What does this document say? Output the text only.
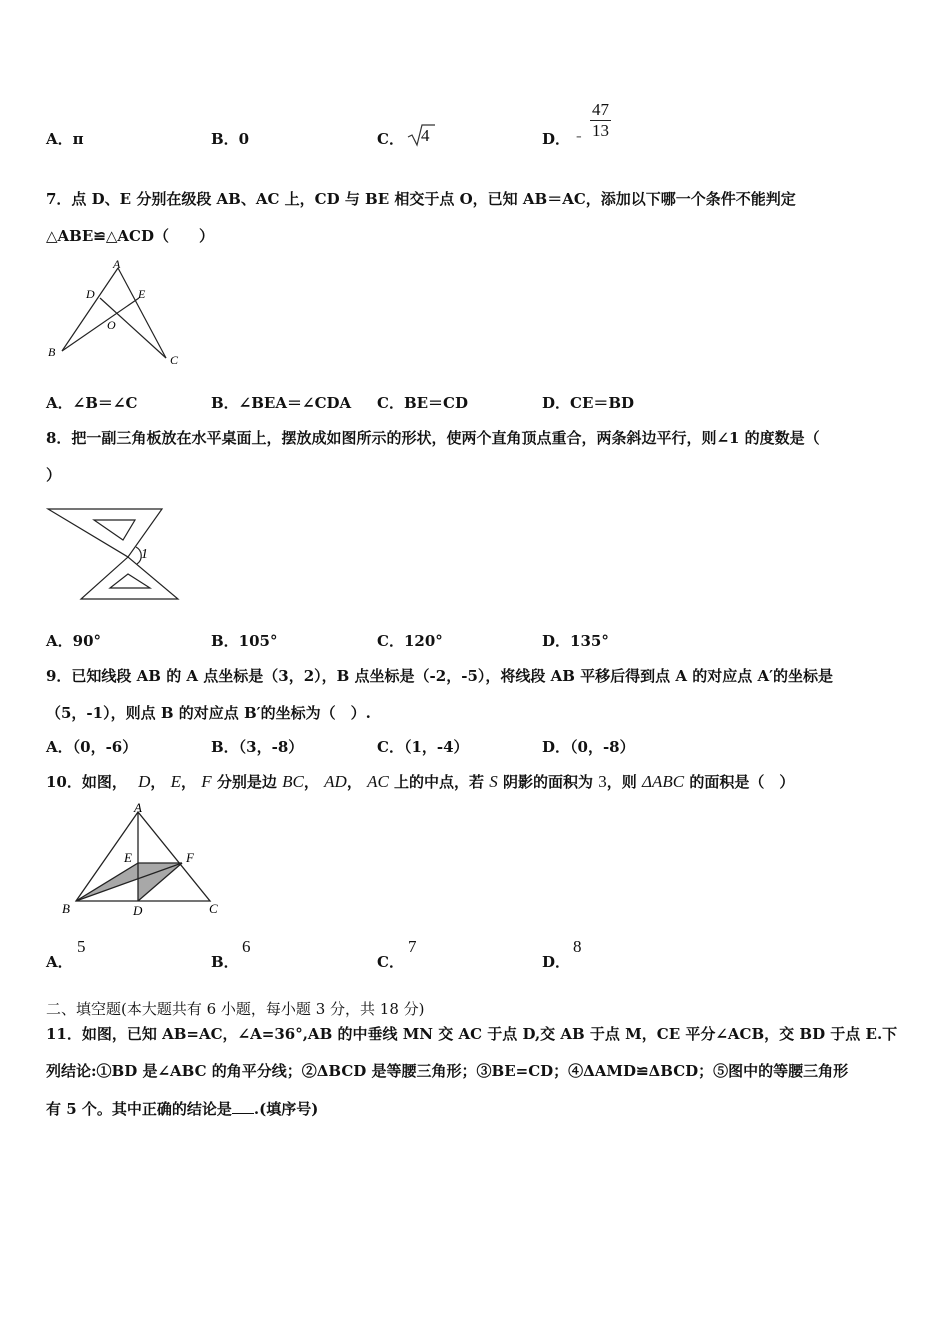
A．π	B．0	C． 4	D． - $\frac{47}{13}$
7．点 D、E 分别在级段 AB、AC 上，CD 与 BE 相交于点 O，已知 AB＝AC，添加以下哪一个条件不能判定
△ABE≌△ACD（　　）
A
D	E
O
B
C
A．∠B＝∠C	B．∠BEA＝∠CDA C．BE＝CD	D．CE＝BD
8．把一副三角板放在水平桌面上，摆放成如图所示的形状，使两个直角顶点重合，两条斜边平行，则∠1 的度数是（
）
1
A．90°	B．105°	C．120°	D．135°
9．已知线段 AB 的 A 点坐标是（3，2），B 点坐标是（-2，-5），将线段 AB 平移后得到点 A 的对应点 A′的坐标是
（5，-1），则点 B 的对应点 B′的坐标为（　）.
A．（0，-6）	B．（3，-8）	C．（1，-4）	D．（0，-8）
10．如图， D， E， F 分别是边 BC， AD， AC 上的中点，若 S 阴影的面积为 3，则 ΔABC 的面积是（　）
A
E	F
B	D	C
A．
5
B．
6
C．
7
D．
8
二、填空题(本大题共有 6 小题，每小题 3 分，共 18 分)
11．如图，已知 AB=AC，∠A=36°,AB 的中垂线 MN 交 AC 于点 D,交 AB 于点 M，CE 平分∠ACB，交 BD 于点 E.下
列结论:①BD 是∠ABC 的角平分线；②ΔBCD 是等腰三角形；③BE=CD；④ΔAMD≌ΔBCD；⑤图中的等腰三角形
有 5 个。其中正确的结论是 .(填序号)
